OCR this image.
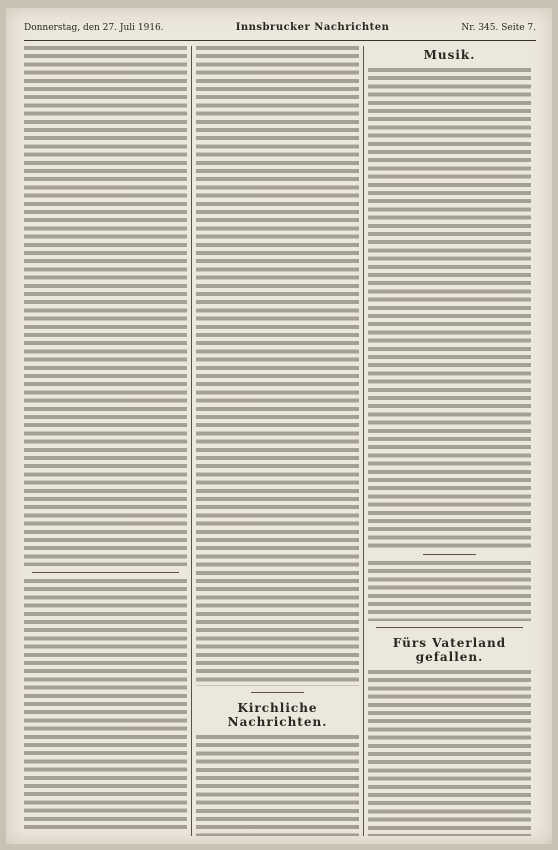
Donnerstag, den 27. Juli 1916.	Innsbrucker Nachrichten	Nr. 345. Seite 7.
Kirchliche Nachrichten.
Musik.
Fürs Vaterland gefallen.
